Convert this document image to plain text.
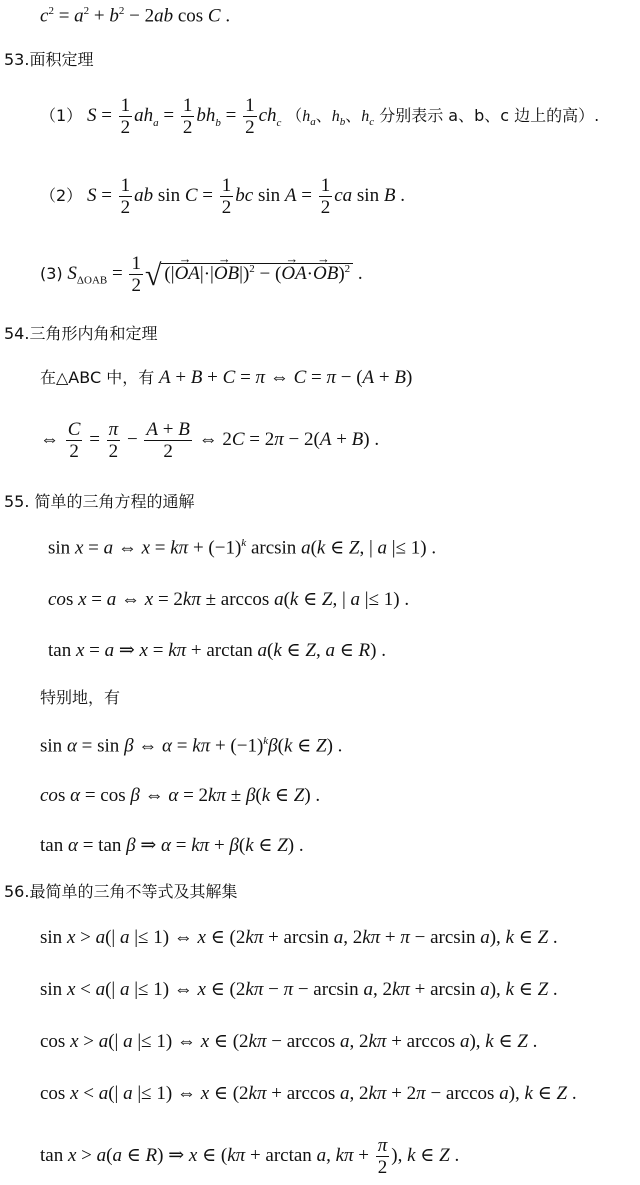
$c^2 = a^2 + b^2 - 2ab$ cos C .
53.面积定理
（1） $S = \frac{1}{2} ah_a = \frac{1}{2} bh_b = \frac{1}{2} ch_c$ （$h_a$、$h_b$、$h_c$ 分别表示 a、b、c 边上的高）.
（2） $S = \frac{1}{2}$ ab $\sin C = \frac{1}{2}$ bc $\sin A = \frac{1}{2}$ ca sin B .
(3) $S_{\Delta OAB} = \frac{1}{2}$ √ (|→ OA|·|→ OB|)$^2$ − (→ OA·→ OB)$^2$ .
54.三角形内角和定理
在△ABC 中，有 A + B + C = π ⇔ C = π − (A + B)
⇔ $\frac{C}{2} = \frac{\pi}{2} - \frac{A + B}{2}$ ⇔ 2C = 2π − 2(A + B) .
55. 简单的三角方程的通解
sin x = a ⇔ $x = k\pi + (-1)^k$ arcsin a(k ∈ Z, | a |≤ 1) .
cos x = a ⇔ x = 2kπ ± arccos a(k ∈ Z, | a |≤ 1) .
tan x = a ⇒ x = kπ + arctan a(k ∈ Z, a ∈ R) .
特别地，有
sin α = sin β ⇔ $\alpha = k\pi + (-1)^k\beta(k$ ∈ Z) .
cos α = cos β ⇔ α = 2kπ ± β(k ∈ Z) .
tan α = tan β ⇒ α = kπ + β(k ∈ Z) .
56.最简单的三角不等式及其解集
sin x > a(| a |≤ 1) ⇔ x ∈ (2kπ + arcsin a, 2kπ + π − arcsin a), k ∈ Z .
sin x < a(| a |≤ 1) ⇔ x ∈ (2kπ − π − arcsin a, 2kπ + arcsin a), k ∈ Z .
cos x > a(| a |≤ 1) ⇔ x ∈ (2kπ − arccos a, 2kπ + arccos a), k ∈ Z .
cos x < a(| a |≤ 1) ⇔ x ∈ (2kπ + arccos a, 2kπ + 2π − arccos a), k ∈ Z .
tan x > a(a ∈ R) ⇒ x ∈ (kπ + arctan a, $k\pi + \frac{\pi}{2}$ ), k ∈ Z .
